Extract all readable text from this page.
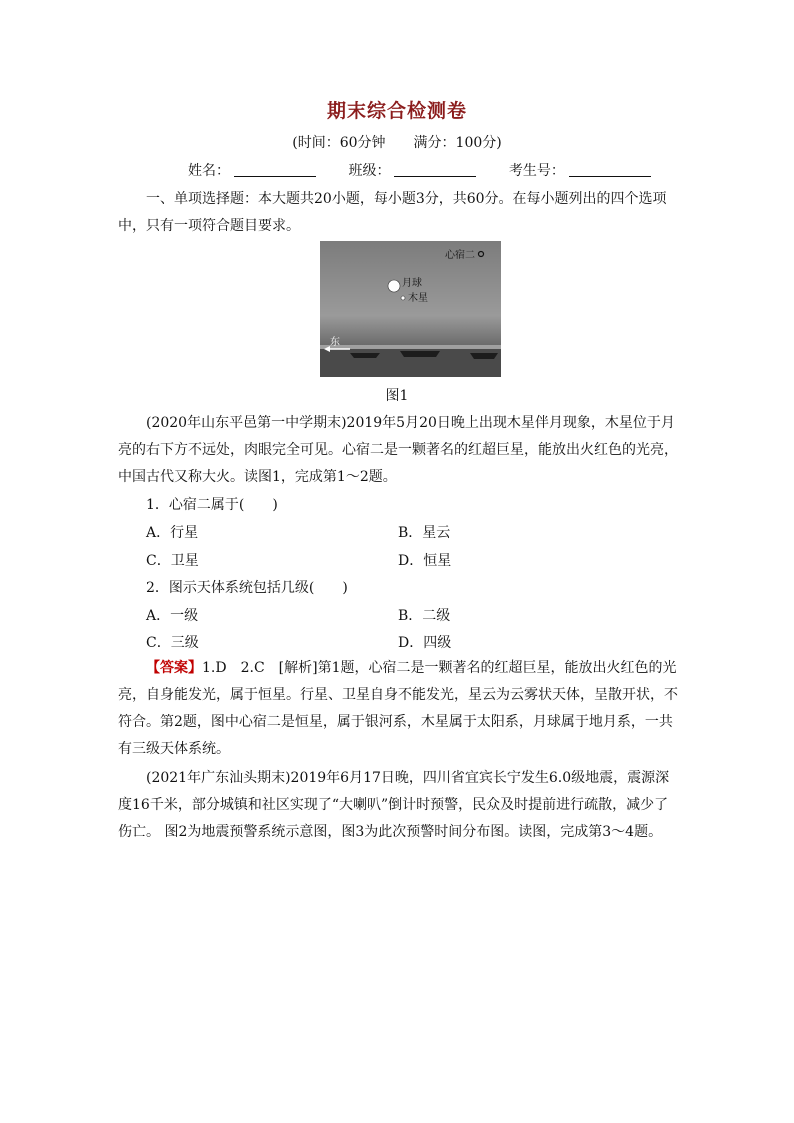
期末综合检测卷
(时间：60分钟　　满分：100分)
姓名：	班级：	考生号：

一、单项选择题：本大题共20小题，每小题3分，共60分。在每小题列出的四个选项中，只有一项符合题目要求。

心宿二
月球
木星
东
图1

(2020年山东平邑第一中学期末)2019年5月20日晚上出现木星伴月现象，木星位于月亮的右下方不远处，肉眼完全可见。心宿二是一颗著名的红超巨星，能放出火红色的光亮，中国古代又称大火。读图1，完成第1～2题。

1．心宿二属于(　　)
A．行星	B．星云
C．卫星	D．恒星
2．图示天体系统包括几级(　　)
A．一级	B．二级
C．三级	D．四级

【答案】1.D　2.C　[解析]第1题，心宿二是一颗著名的红超巨星，能放出火红色的光亮，自身能发光，属于恒星。行星、卫星自身不能发光，星云为云雾状天体，呈散开状，不符合。第2题，图中心宿二是恒星，属于银河系，木星属于太阳系，月球属于地月系，一共有三级天体系统。

(2021年广东汕头期末)2019年6月17日晚，四川省宜宾长宁发生6.0级地震，震源深度16千米，部分城镇和社区实现了“大喇叭”倒计时预警，民众及时提前进行疏散，减少了伤亡。 图2为地震预警系统示意图，图3为此次预警时间分布图。读图，完成第3～4题。
